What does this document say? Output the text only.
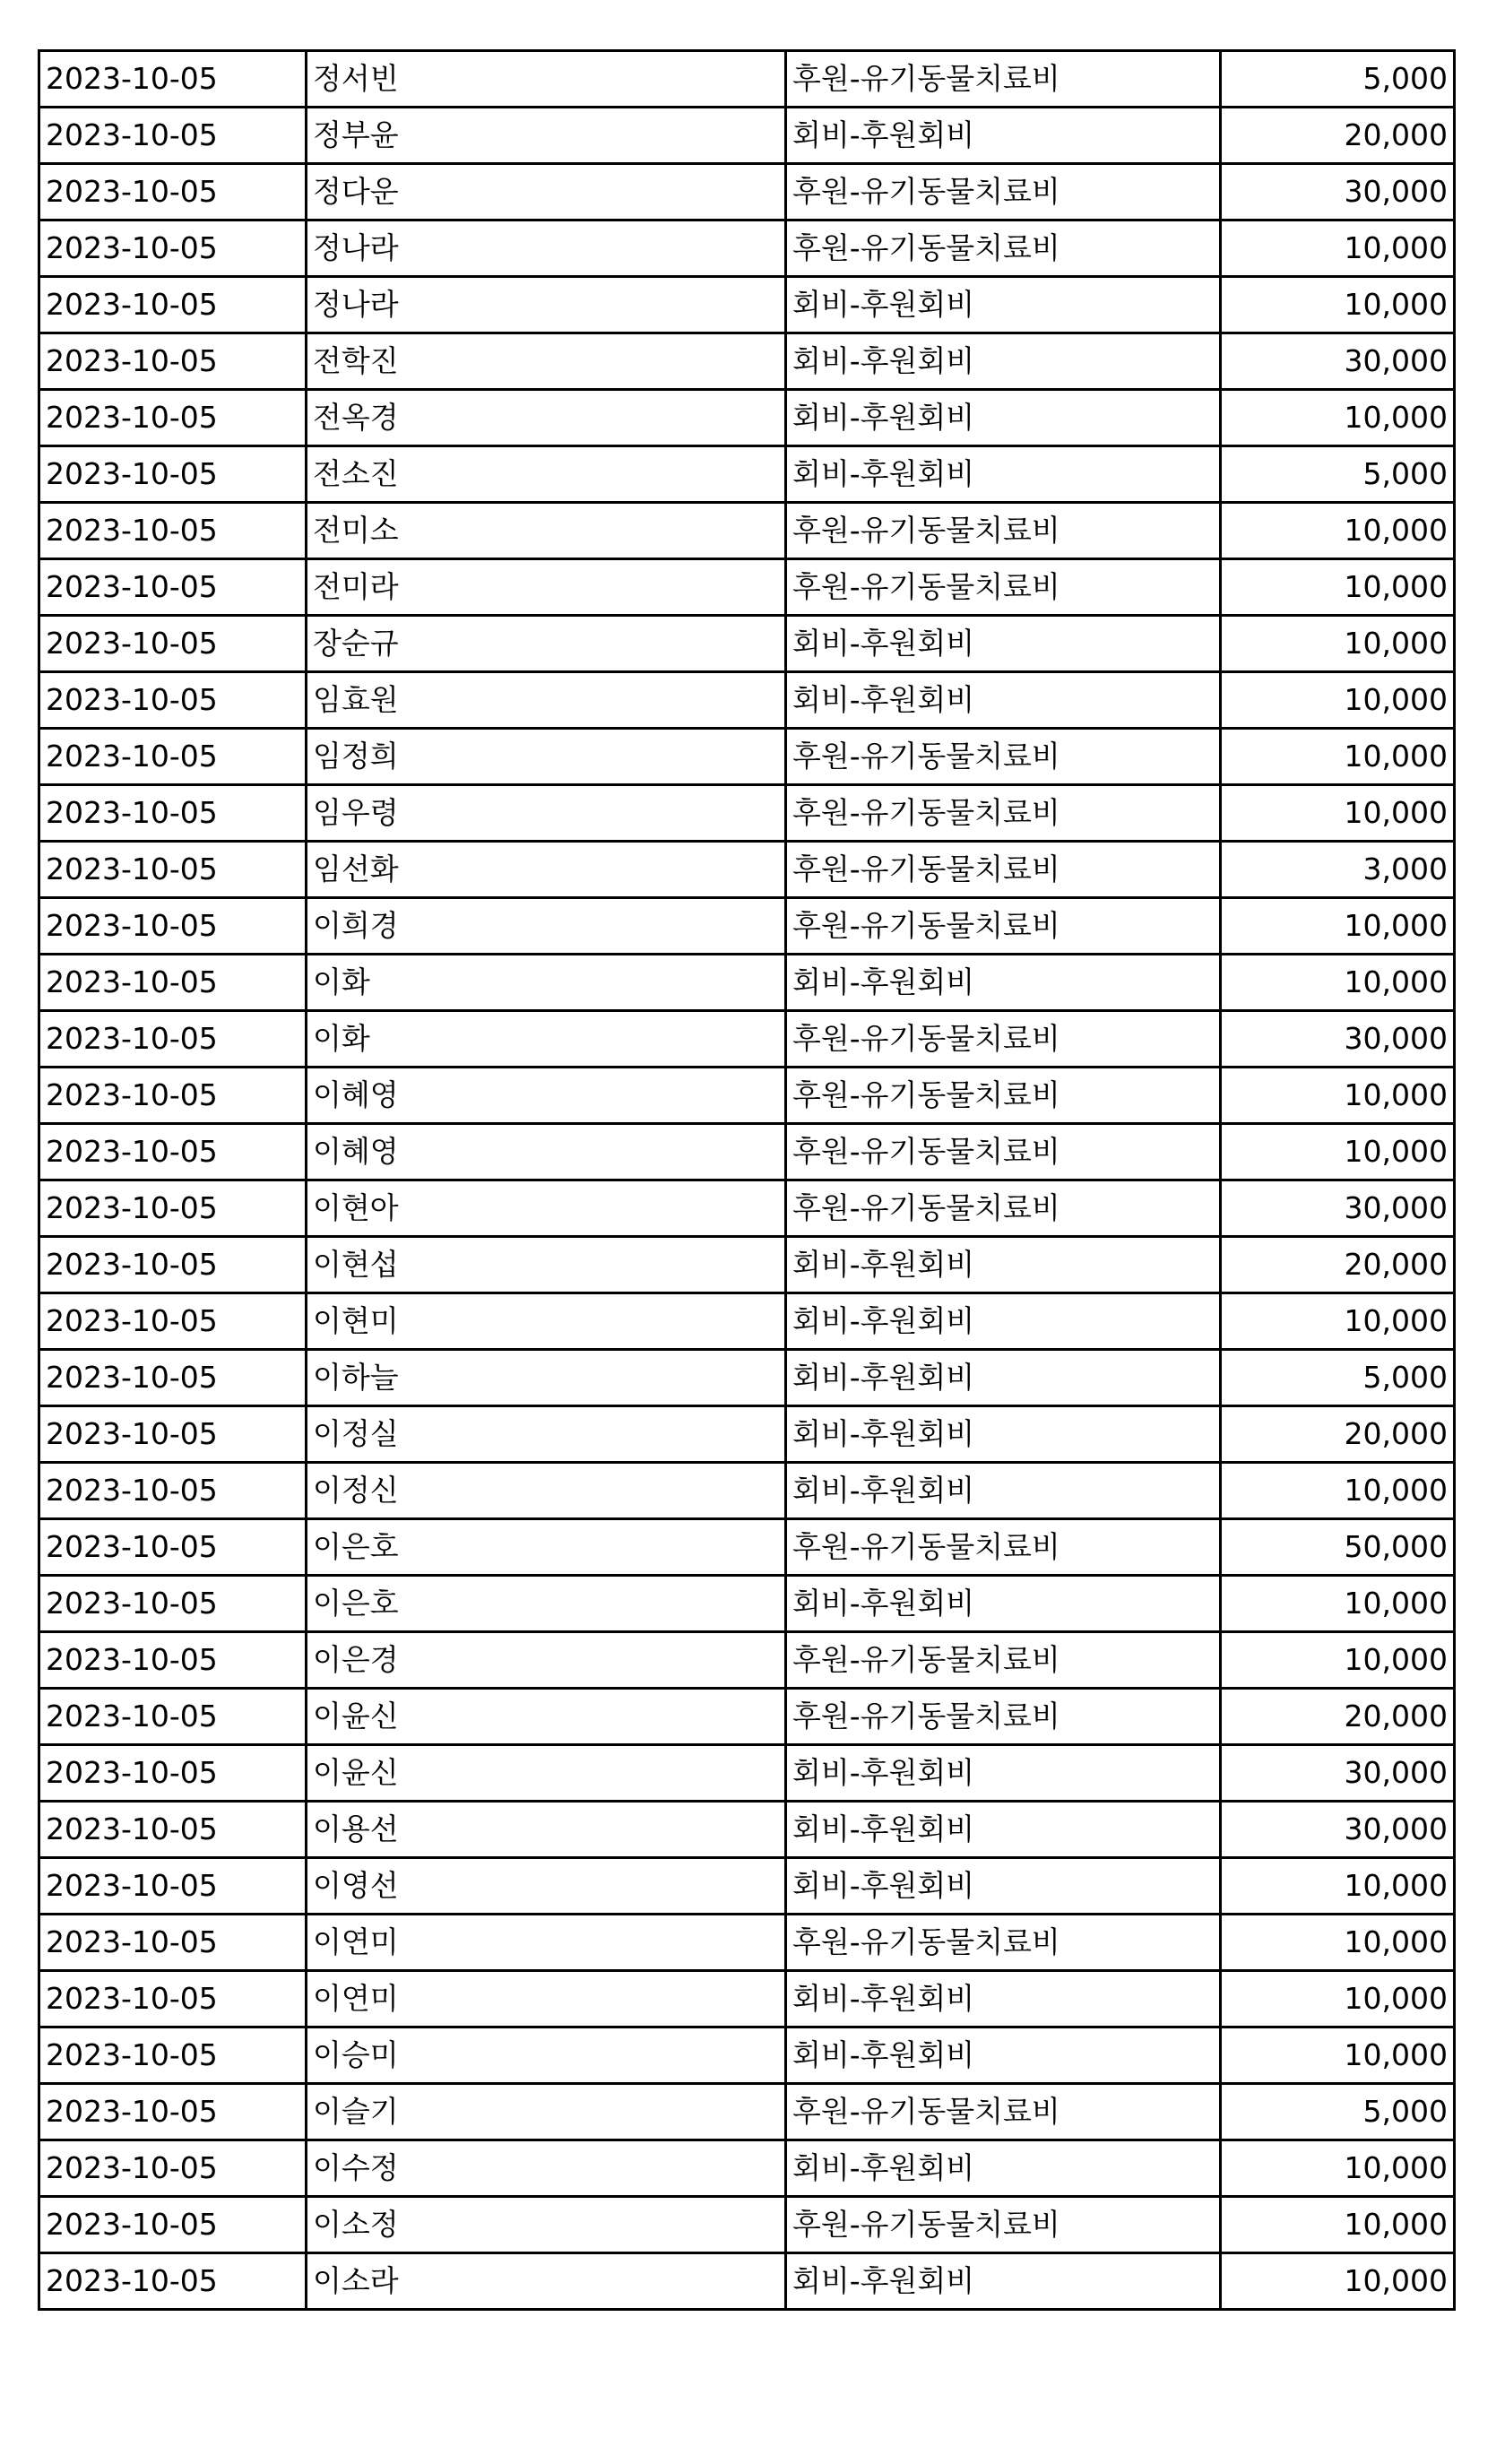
2023-10-05	정서빈	후원-유기동물치료비	5,000
2023-10-05	정부윤	회비-후원회비	20,000
2023-10-05	정다운	후원-유기동물치료비	30,000
2023-10-05	정나라	후원-유기동물치료비	10,000
2023-10-05	정나라	회비-후원회비	10,000
2023-10-05	전학진	회비-후원회비	30,000
2023-10-05	전옥경	회비-후원회비	10,000
2023-10-05	전소진	회비-후원회비	5,000
2023-10-05	전미소	후원-유기동물치료비	10,000
2023-10-05	전미라	후원-유기동물치료비	10,000
2023-10-05	장순규	회비-후원회비	10,000
2023-10-05	임효원	회비-후원회비	10,000
2023-10-05	임정희	후원-유기동물치료비	10,000
2023-10-05	임우령	후원-유기동물치료비	10,000
2023-10-05	임선화	후원-유기동물치료비	3,000
2023-10-05	이희경	후원-유기동물치료비	10,000
2023-10-05	이화	회비-후원회비	10,000
2023-10-05	이화	후원-유기동물치료비	30,000
2023-10-05	이혜영	후원-유기동물치료비	10,000
2023-10-05	이혜영	후원-유기동물치료비	10,000
2023-10-05	이현아	후원-유기동물치료비	30,000
2023-10-05	이현섭	회비-후원회비	20,000
2023-10-05	이현미	회비-후원회비	10,000
2023-10-05	이하늘	회비-후원회비	5,000
2023-10-05	이정실	회비-후원회비	20,000
2023-10-05	이정신	회비-후원회비	10,000
2023-10-05	이은호	후원-유기동물치료비	50,000
2023-10-05	이은호	회비-후원회비	10,000
2023-10-05	이은경	후원-유기동물치료비	10,000
2023-10-05	이윤신	후원-유기동물치료비	20,000
2023-10-05	이윤신	회비-후원회비	30,000
2023-10-05	이용선	회비-후원회비	30,000
2023-10-05	이영선	회비-후원회비	10,000
2023-10-05	이연미	후원-유기동물치료비	10,000
2023-10-05	이연미	회비-후원회비	10,000
2023-10-05	이승미	회비-후원회비	10,000
2023-10-05	이슬기	후원-유기동물치료비	5,000
2023-10-05	이수정	회비-후원회비	10,000
2023-10-05	이소정	후원-유기동물치료비	10,000
2023-10-05	이소라	회비-후원회비	10,000
